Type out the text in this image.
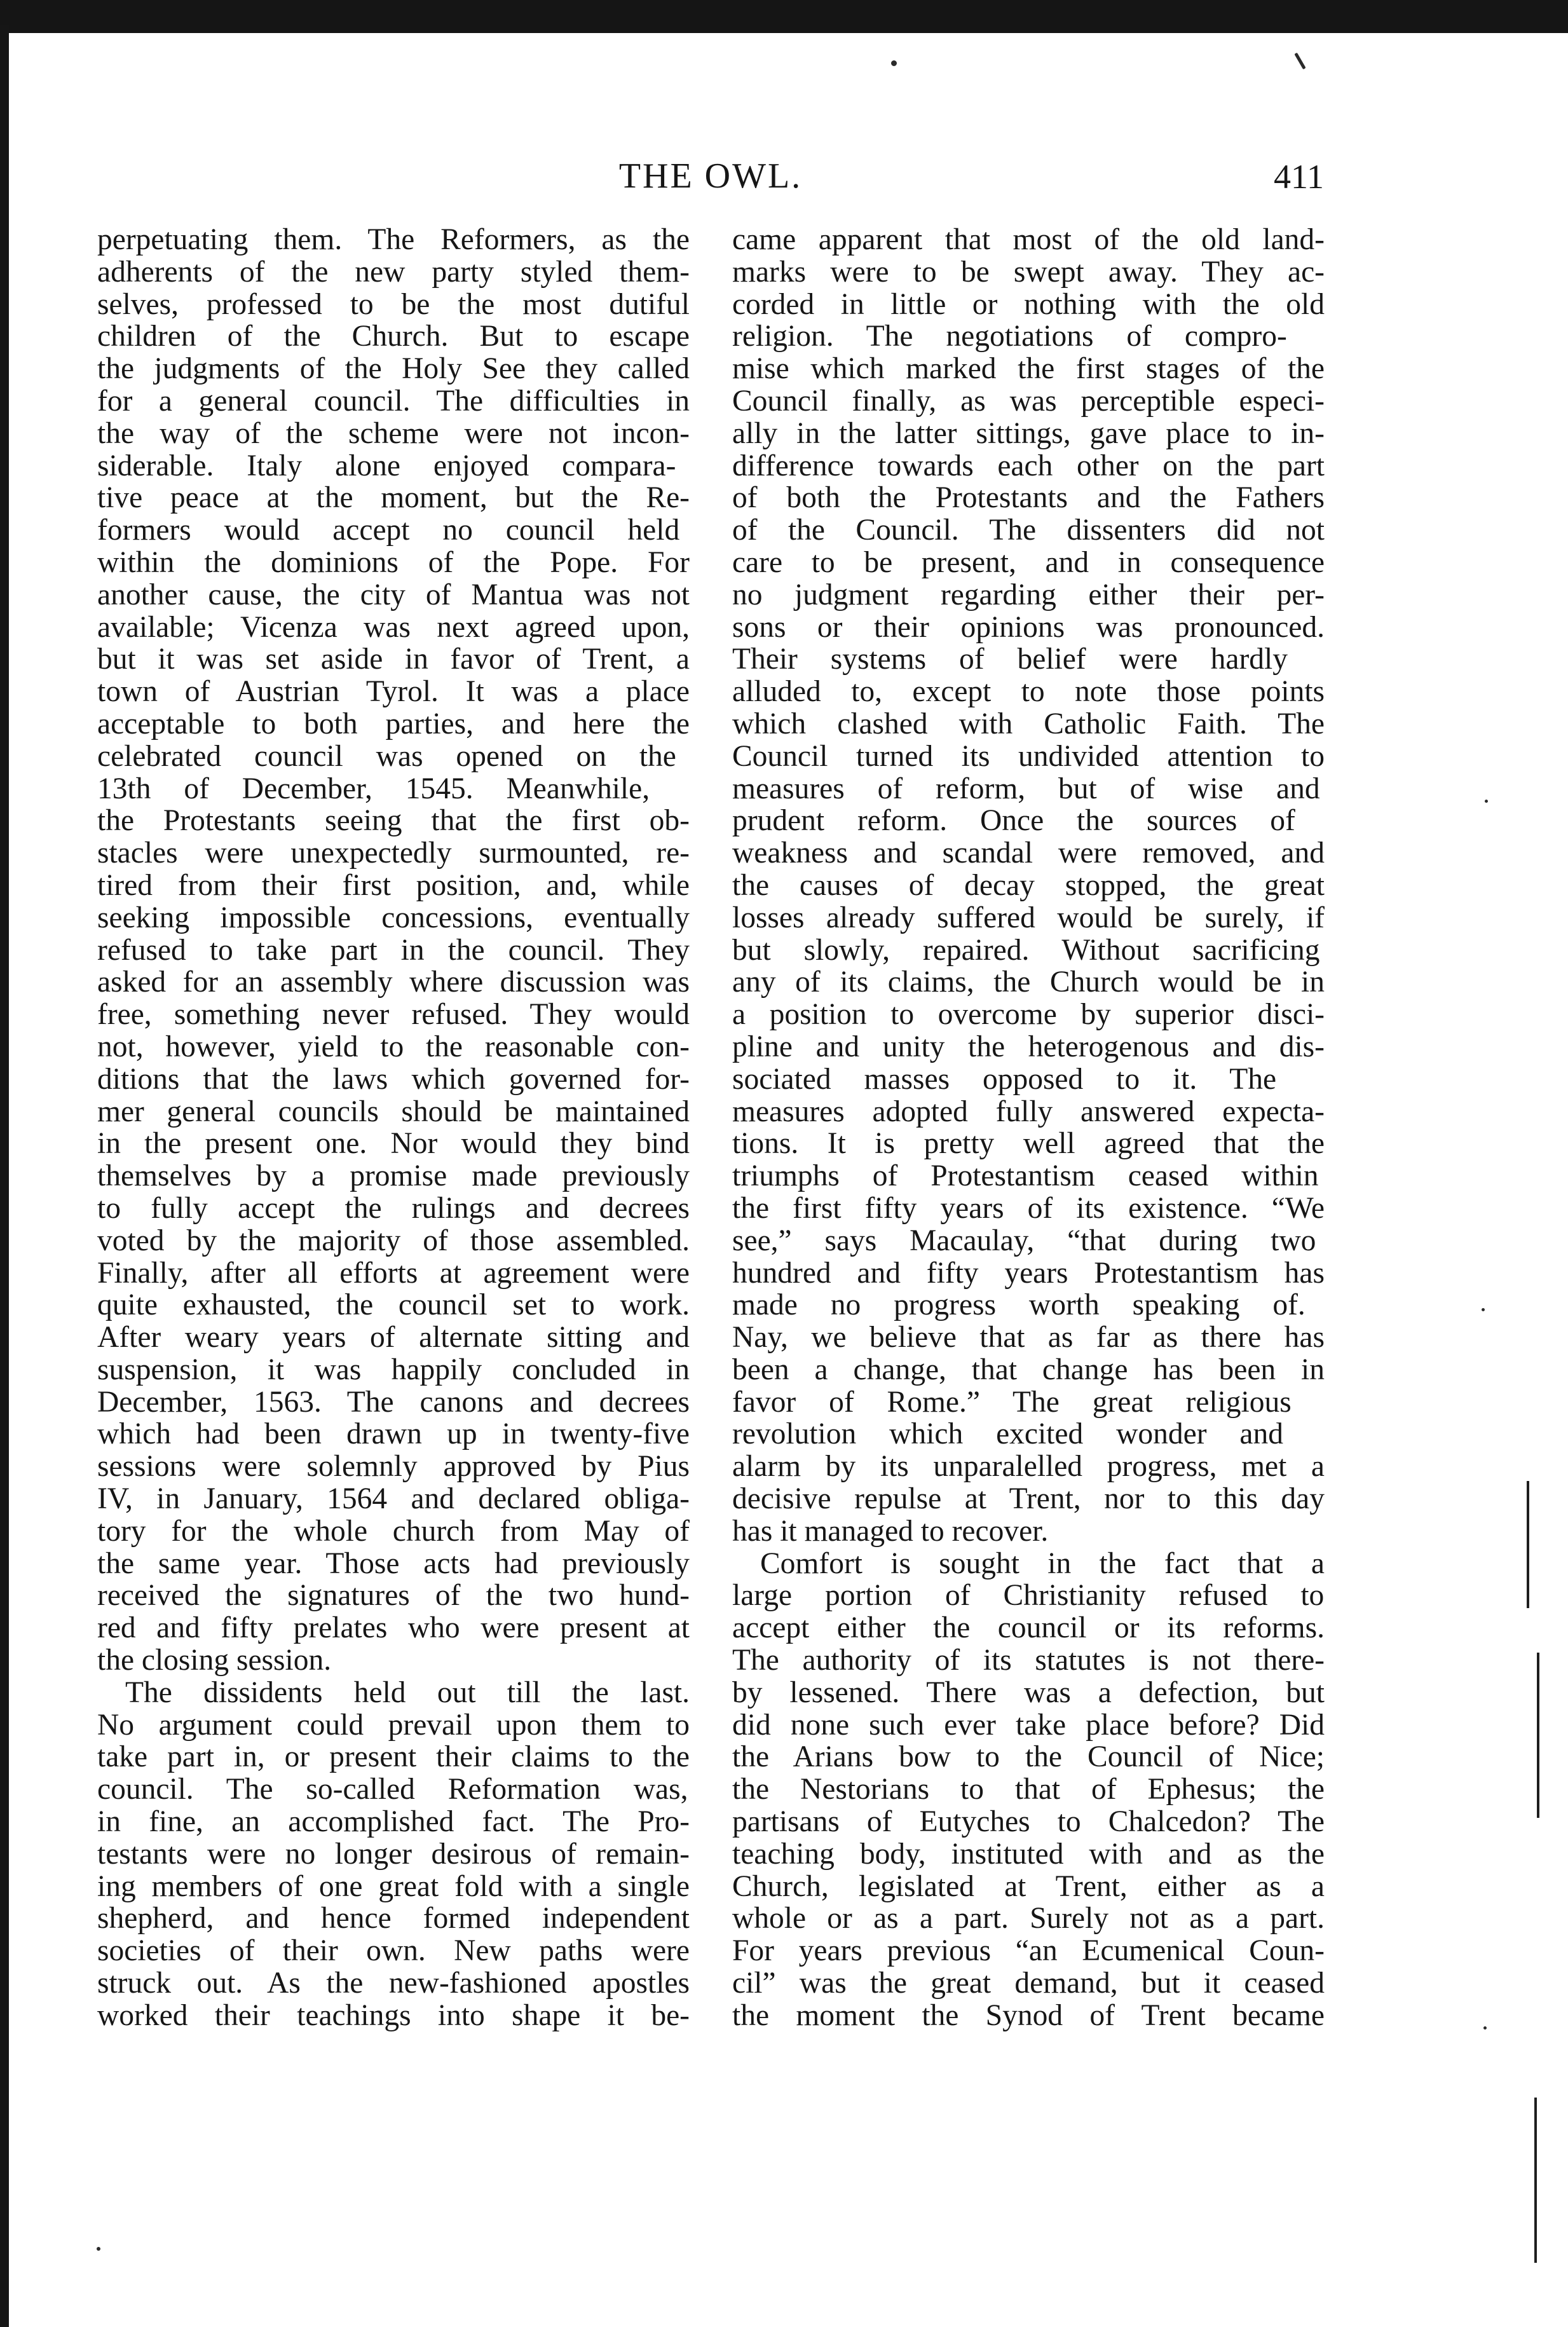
THE OWL.	411
perpetuating them. The Reformers, as the
adherents of the new party styled them-
selves, professed to be the most dutiful
children of the Church. But to escape
the judgments of the Holy See they called
for a general council. The difficulties in
the way of the scheme were not incon-
siderable. Italy alone enjoyed compara-
tive peace at the moment, but the Re-
formers would accept no council held
within the dominions of the Pope. For
another cause, the city of Mantua was not
available; Vicenza was next agreed upon,
but it was set aside in favor of Trent, a
town of Austrian Tyrol. It was a place
acceptable to both parties, and here the
celebrated council was opened on the
13th of December, 1545. Meanwhile,
the Protestants seeing that the first ob-
stacles were unexpectedly surmounted, re-
tired from their first position, and, while
seeking impossible concessions, eventually
refused to take part in the council. They
asked for an assembly where discussion was
free, something never refused. They would
not, however, yield to the reasonable con-
ditions that the laws which governed for-
mer general councils should be maintained
in the present one. Nor would they bind
themselves by a promise made previously
to fully accept the rulings and decrees
voted by the majority of those assembled.
Finally, after all efforts at agreement were
quite exhausted, the council set to work.
After weary years of alternate sitting and
suspension, it was happily concluded in
December, 1563. The canons and decrees
which had been drawn up in twenty-five
sessions were solemnly approved by Pius
IV, in January, 1564 and declared obliga-
tory for the whole church from May of
the same year. Those acts had previously
received the signatures of the two hund-
red and fifty prelates who were present at
the closing session.
The dissidents held out till the last.
No argument could prevail upon them to
take part in, or present their claims to the
council. The so-called Reformation was,
in fine, an accomplished fact. The Pro-
testants were no longer desirous of remain-
ing members of one great fold with a single
shepherd, and hence formed independent
societies of their own. New paths were
struck out. As the new-fashioned apostles
worked their teachings into shape it be-
came apparent that most of the old land-
marks were to be swept away. They ac-
corded in little or nothing with the old
religion. The negotiations of compro-
mise which marked the first stages of the
Council finally, as was perceptible especi-
ally in the latter sittings, gave place to in-
difference towards each other on the part
of both the Protestants and the Fathers
of the Council. The dissenters did not
care to be present, and in consequence
no judgment regarding either their per-
sons or their opinions was pronounced.
Their systems of belief were hardly
alluded to, except to note those points
which clashed with Catholic Faith. The
Council turned its undivided attention to
measures of reform, but of wise and
prudent reform. Once the sources of
weakness and scandal were removed, and
the causes of decay stopped, the great
losses already suffered would be surely, if
but slowly, repaired. Without sacrificing
any of its claims, the Church would be in
a position to overcome by superior disci-
pline and unity the heterogenous and dis-
sociated masses opposed to it. The
measures adopted fully answered expecta-
tions. It is pretty well agreed that the
triumphs of Protestantism ceased within
the first fifty years of its existence. “We
see,” says Macaulay, “that during two
hundred and fifty years Protestantism has
made no progress worth speaking of.
Nay, we believe that as far as there has
been a change, that change has been in
favor of Rome.” The great religious
revolution which excited wonder and
alarm by its unparalelled progress, met a
decisive repulse at Trent, nor to this day
has it managed to recover.
Comfort is sought in the fact that a
large portion of Christianity refused to
accept either the council or its reforms.
The authority of its statutes is not there-
by lessened. There was a defection, but
did none such ever take place before? Did
the Arians bow to the Council of Nice;
the Nestorians to that of Ephesus; the
partisans of Eutyches to Chalcedon? The
teaching body, instituted with and as the
Church, legislated at Trent, either as a
whole or as a part. Surely not as a part.
For years previous “an Ecumenical Coun-
cil” was the great demand, but it ceased
the moment the Synod of Trent became
